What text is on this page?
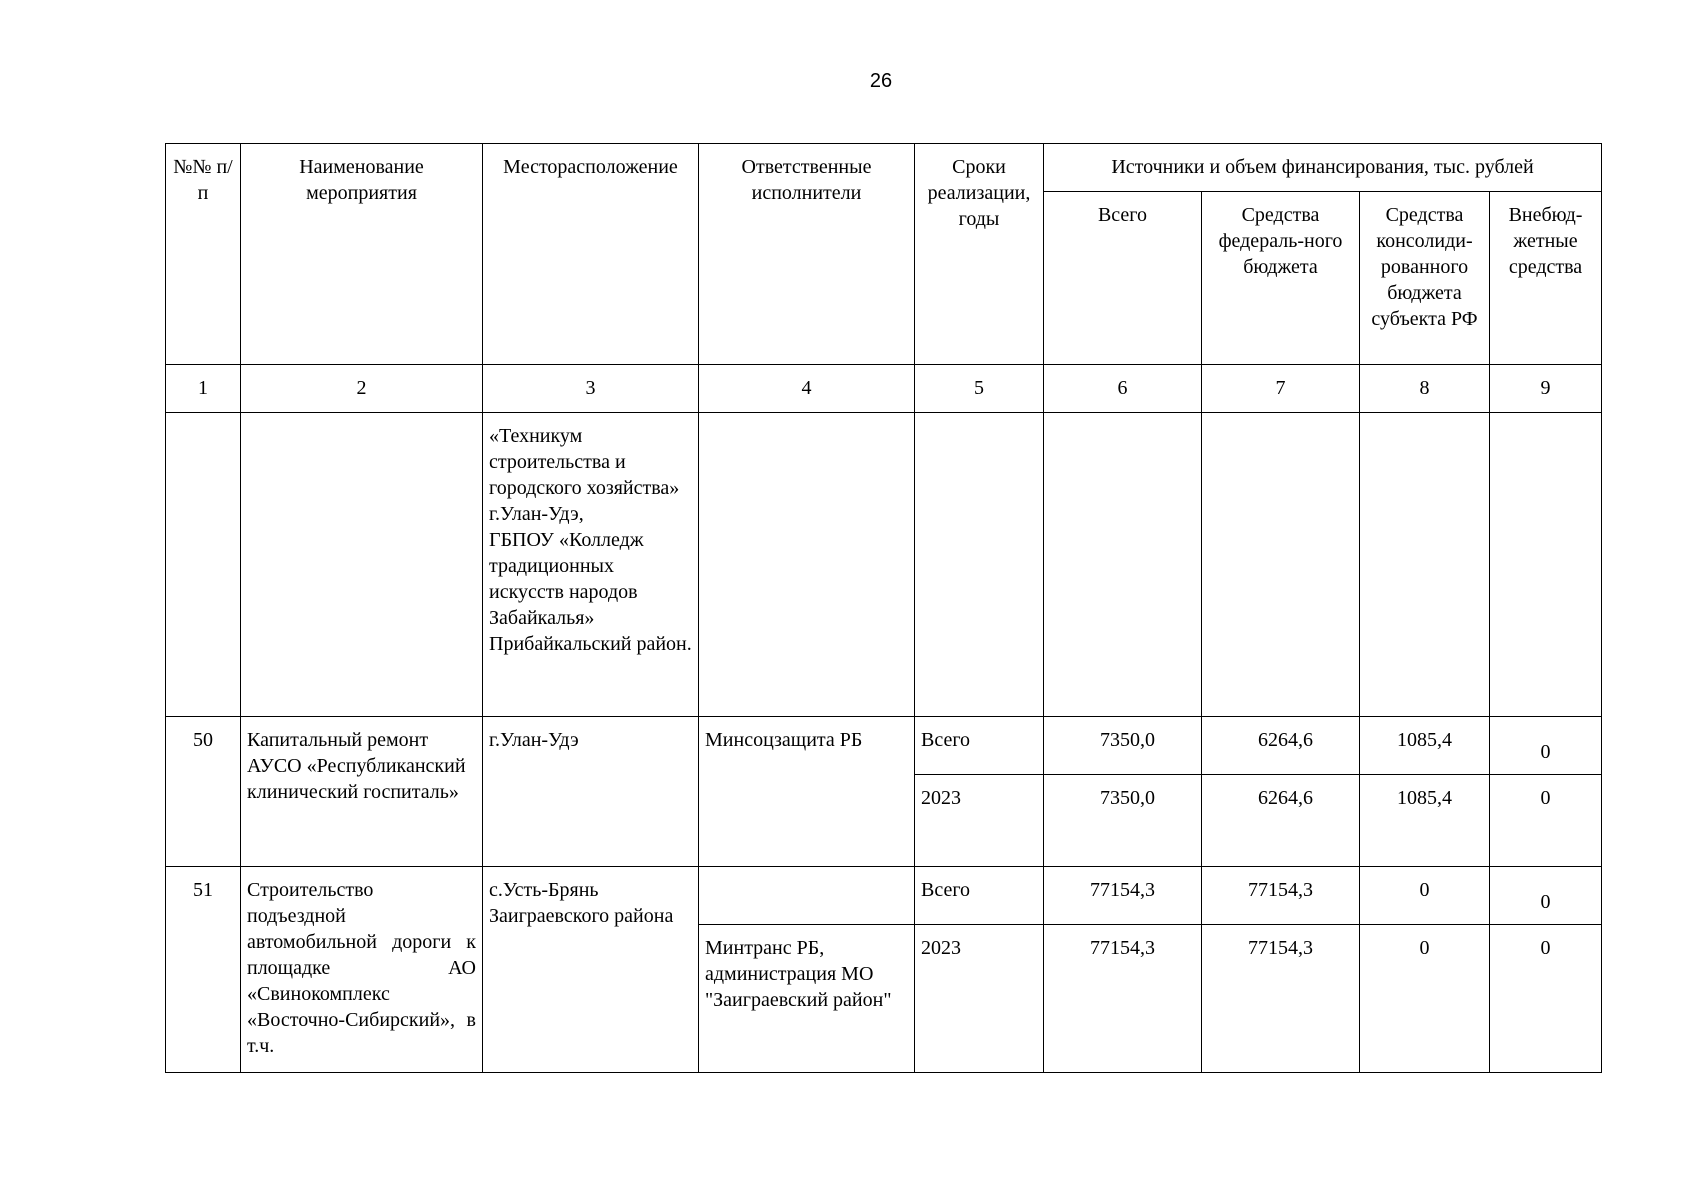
26
№№ п/п	Наименование мероприятия	Месторасположение	Ответственные исполнители	Сроки реализации, годы	Источники и объем финансирования, тыс. рублей			
					Всего	Средства федераль-ного бюджета	Средства консолиди-рованного бюджета субъекта РФ	Внебюд-жетные средства
1	2	3	4	5	6	7	8	9
		«Техникум строительства и городского хозяйства» г.Улан-Удэ,
ГБПОУ «Колледж традиционных искусств народов Забайкалья» Прибайкальский район.						
50	Капитальный ремонт АУСО «Республиканский клинический госпиталь»	г.Улан-Удэ	Минсоцзащита РБ	Всего	7350,0	6264,6	1085,4	0
				2023	7350,0	6264,6	1085,4	0
51	Строительство подъездной автомобильной дороги к площадке АО «Свинокомплекс «Восточно-Сибирский», в т.ч.	с.Усть-Брянь Заиграевского района		Всего	77154,3	77154,3	0	0
			Минтранс РБ, администрация МО "Заиграевский район"	2023	77154,3	77154,3	0	0
